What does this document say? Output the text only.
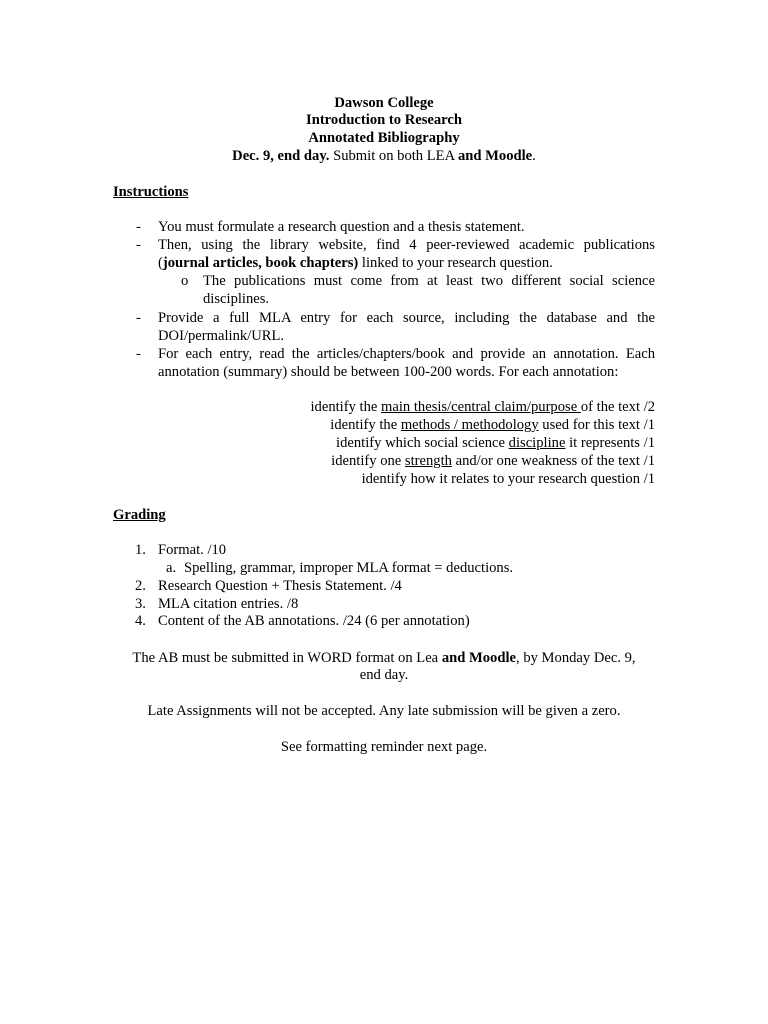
Dawson College
Introduction to Research
Annotated Bibliography
Dec. 9, end day. Submit on both LEA and Moodle.
Instructions
- You must formulate a research question and a thesis statement.
- Then, using the library website, find 4 peer-reviewed academic publications (journal articles, book chapters) linked to your research question.
o The publications must come from at least two different social science disciplines.
- Provide a full MLA entry for each source, including the database and the DOI/permalink/URL.
- For each entry, read the articles/chapters/book and provide an annotation. Each annotation (summary) should be between 100-200 words. For each annotation:
identify the main thesis/central claim/purpose of the text /2
identify the methods / methodology used for this text /1
identify which social science discipline it represents /1
identify one strength and/or one weakness of the text /1
identify how it relates to your research question /1
Grading
1. Format. /10
a. Spelling, grammar, improper MLA format = deductions.
2. Research Question + Thesis Statement. /4
3. MLA citation entries. /8
4. Content of the AB annotations. /24 (6 per annotation)
The AB must be submitted in WORD format on Lea and Moodle, by Monday Dec. 9,
end day.
Late Assignments will not be accepted. Any late submission will be given a zero.
See formatting reminder next page.
